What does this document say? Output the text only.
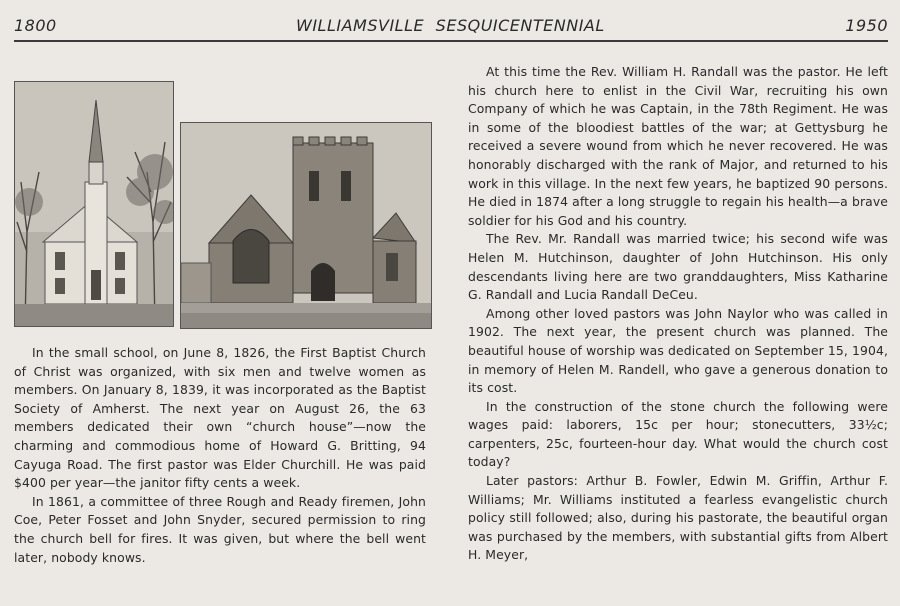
1800	WILLIAMSVILLE SESQUICENTENNIAL	1950

In the small school, on June 8, 1826, the First Baptist Church of Christ was organized, with six men and twelve women as members. On January 8, 1839, it was incorporated as the Baptist Society of Amherst. The next year on August 26, the 63 members dedicated their own “church house”—now the charming and commodious home of Howard G. Britting, 94 Cayuga Road. The first pastor was Elder Churchill. He was paid $400 per year—the janitor fifty cents a week.

In 1861, a committee of three Rough and Ready firemen, John Coe, Peter Fosset and John Snyder, secured permission to ring the church bell for fires. It was given, but where the bell went later, nobody knows.

At this time the Rev. William H. Randall was the pastor. He left his church here to enlist in the Civil War, recruiting his own Company of which he was Captain, in the 78th Regiment. He was in some of the bloodiest battles of the war; at Gettysburg he received a severe wound from which he never recovered. He was honorably discharged with the rank of Major, and returned to his work in this village. In the next few years, he baptized 90 persons. He died in 1874 after a long struggle to regain his health—a brave soldier for his God and his country.

The Rev. Mr. Randall was married twice; his second wife was Helen M. Hutchinson, daughter of John Hutchinson. His only descendants living here are two granddaughters, Miss Katharine G. Randall and Lucia Randall DeCeu.

Among other loved pastors was John Naylor who was called in 1902. The next year, the present church was planned. The beautiful house of worship was dedicated on September 15, 1904, in memory of Helen M. Randell, who gave a generous donation to its cost.

In the construction of the stone church the following were wages paid: laborers, 15c per hour; stonecutters, 33½c; carpenters, 25c, fourteen-hour day. What would the church cost today?

Later pastors: Arthur B. Fowler, Edwin M. Griffin, Arthur F. Williams; Mr. Williams instituted a fearless evangelistic church policy still followed; also, during his pastorate, the beautiful organ was purchased by the members, with substantial gifts from Albert H. Meyer,
